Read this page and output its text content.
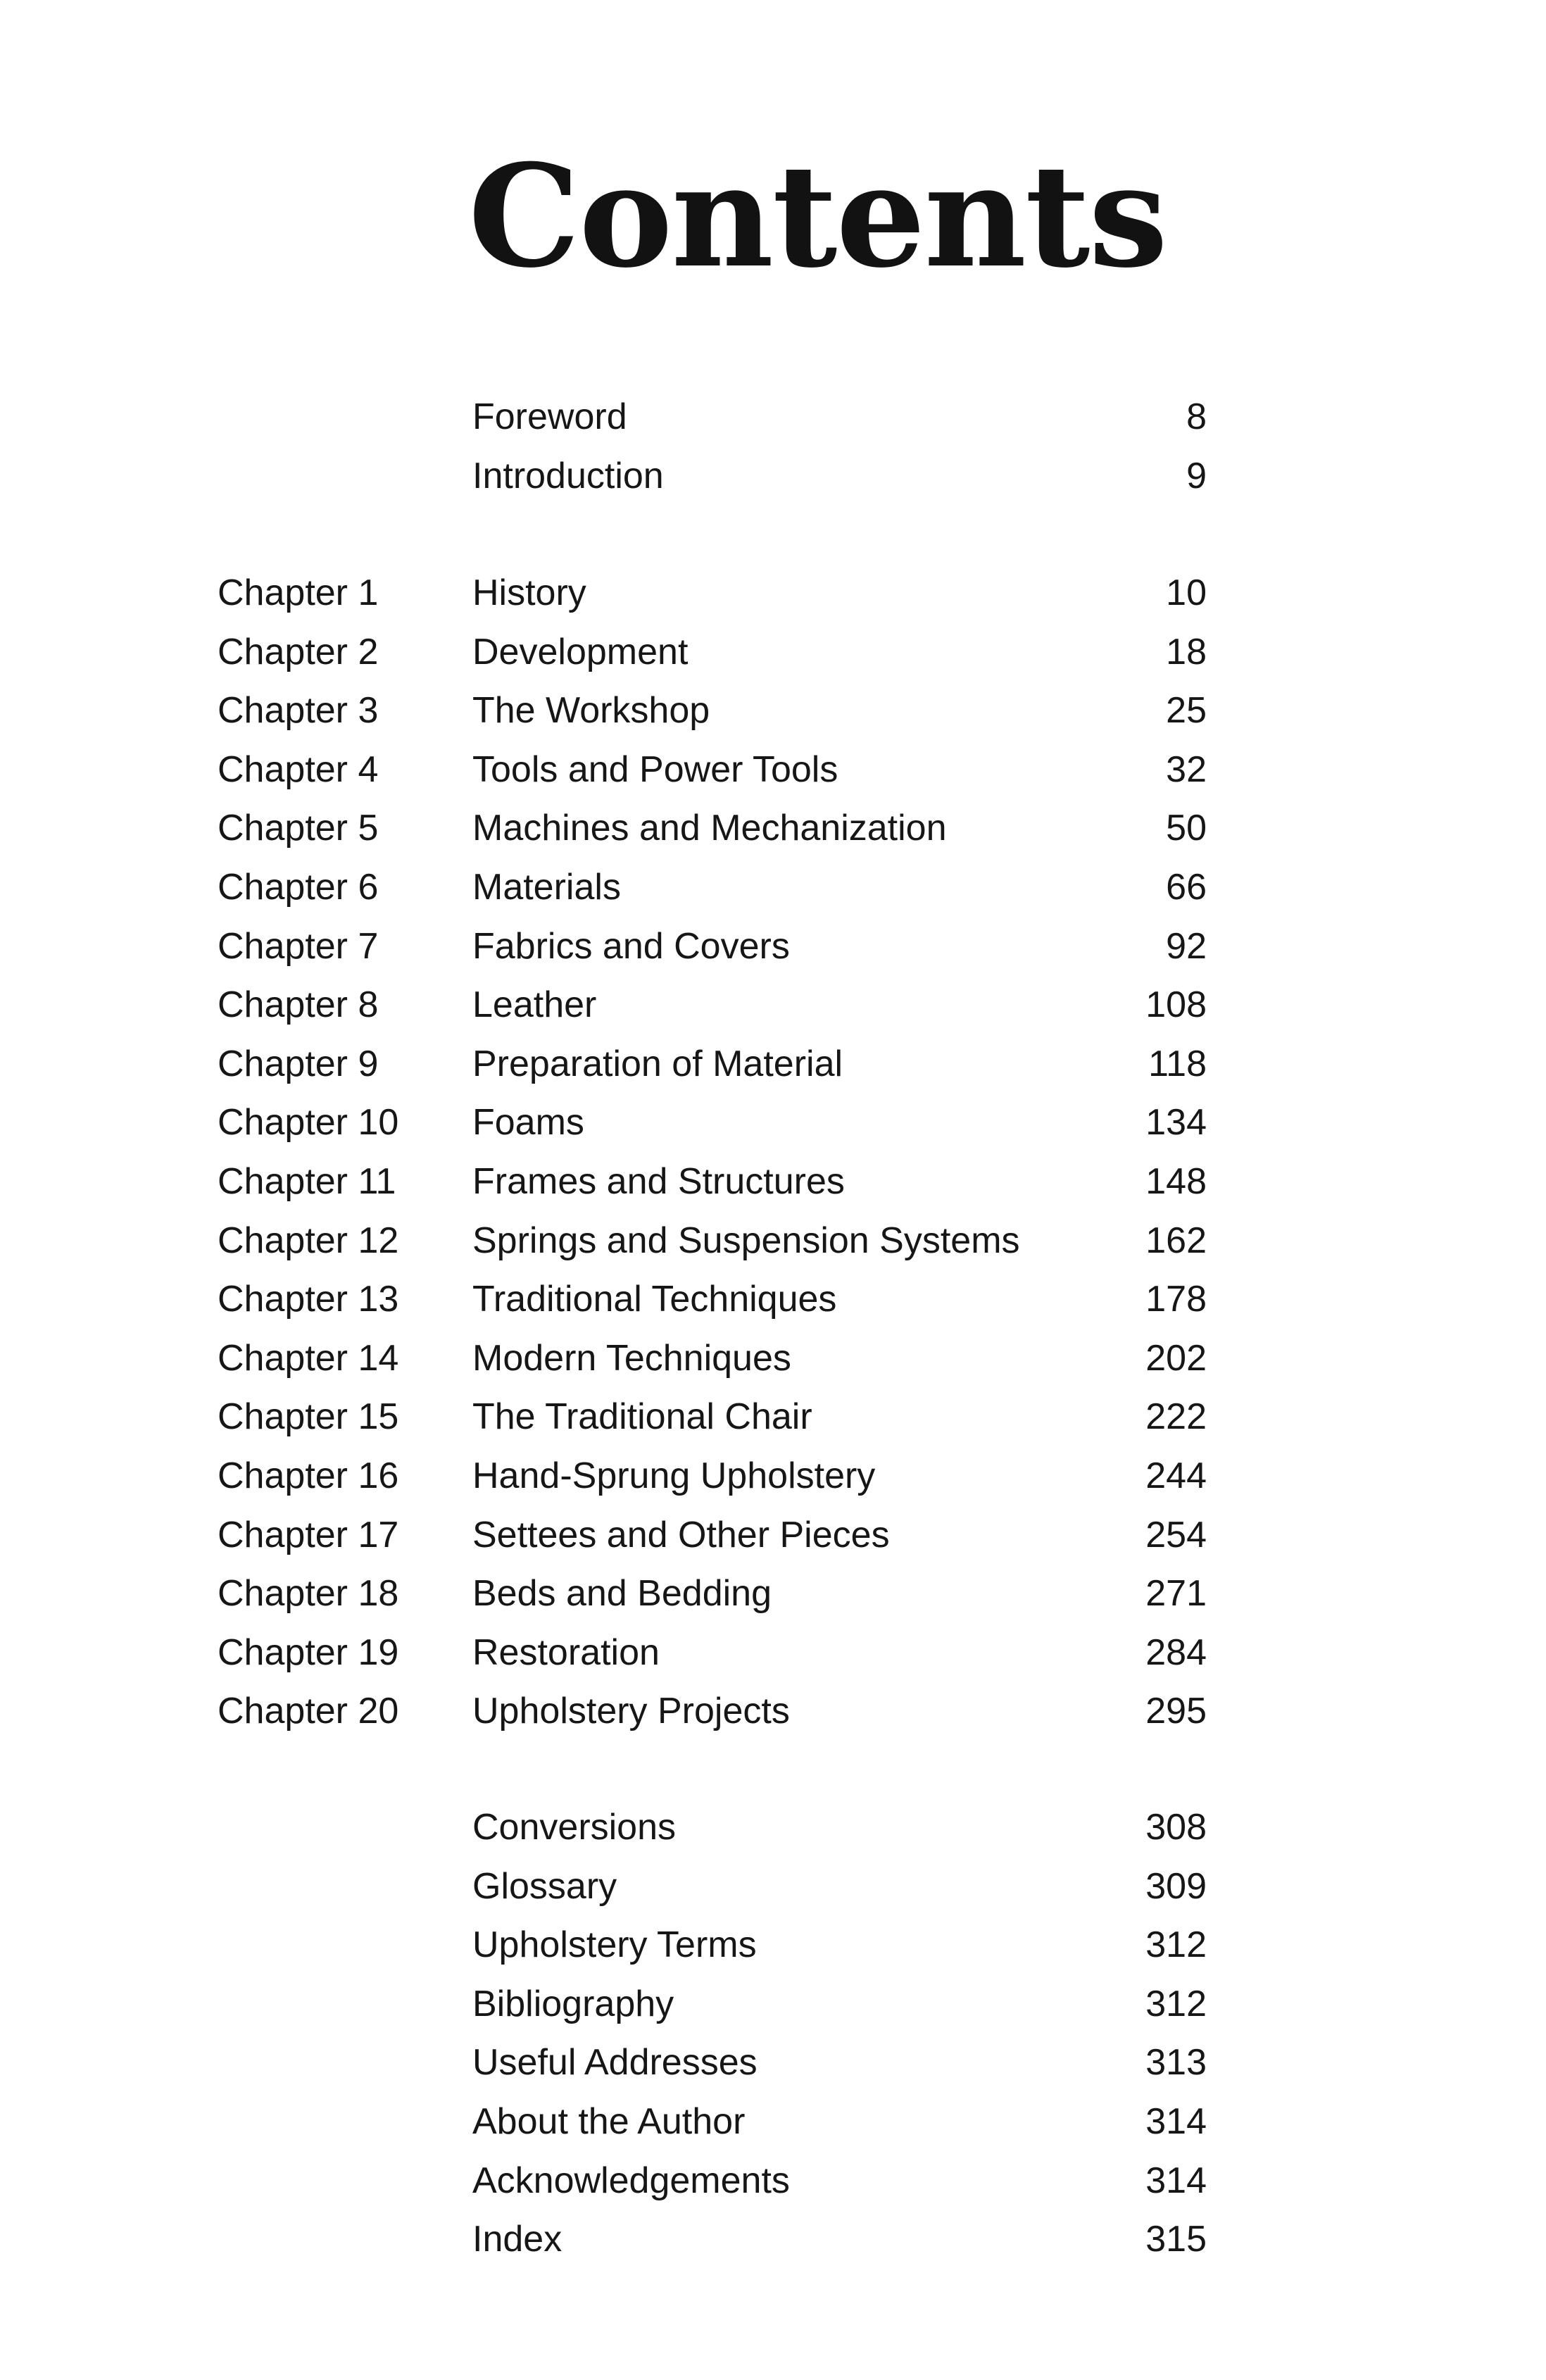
Contents
Foreword	8
Introduction	9
Chapter 1	History	10
Chapter 2	Development	18
Chapter 3	The Workshop	25
Chapter 4	Tools and Power Tools	32
Chapter 5	Machines and Mechanization	50
Chapter 6	Materials	66
Chapter 7	Fabrics and Covers	92
Chapter 8	Leather	108
Chapter 9	Preparation of Material	118
Chapter 10 Foams	134
Chapter 11 Frames and Structures	148
Chapter 12 Springs and Suspension Systems	162
Chapter 13 Traditional Techniques	178
Chapter 14 Modern Techniques	202
Chapter 15 The Traditional Chair	222
Chapter 16 Hand-Sprung Upholstery	244
Chapter 17 Settees and Other Pieces	254
Chapter 18 Beds and Bedding	271
Chapter 19 Restoration	284
Chapter 20 Upholstery Projects	295
Conversions	308
Glossary	309
Upholstery Terms	312
Bibliography	312
Useful Addresses	313
About the Author	314
Acknowledgements	314
Index	315
